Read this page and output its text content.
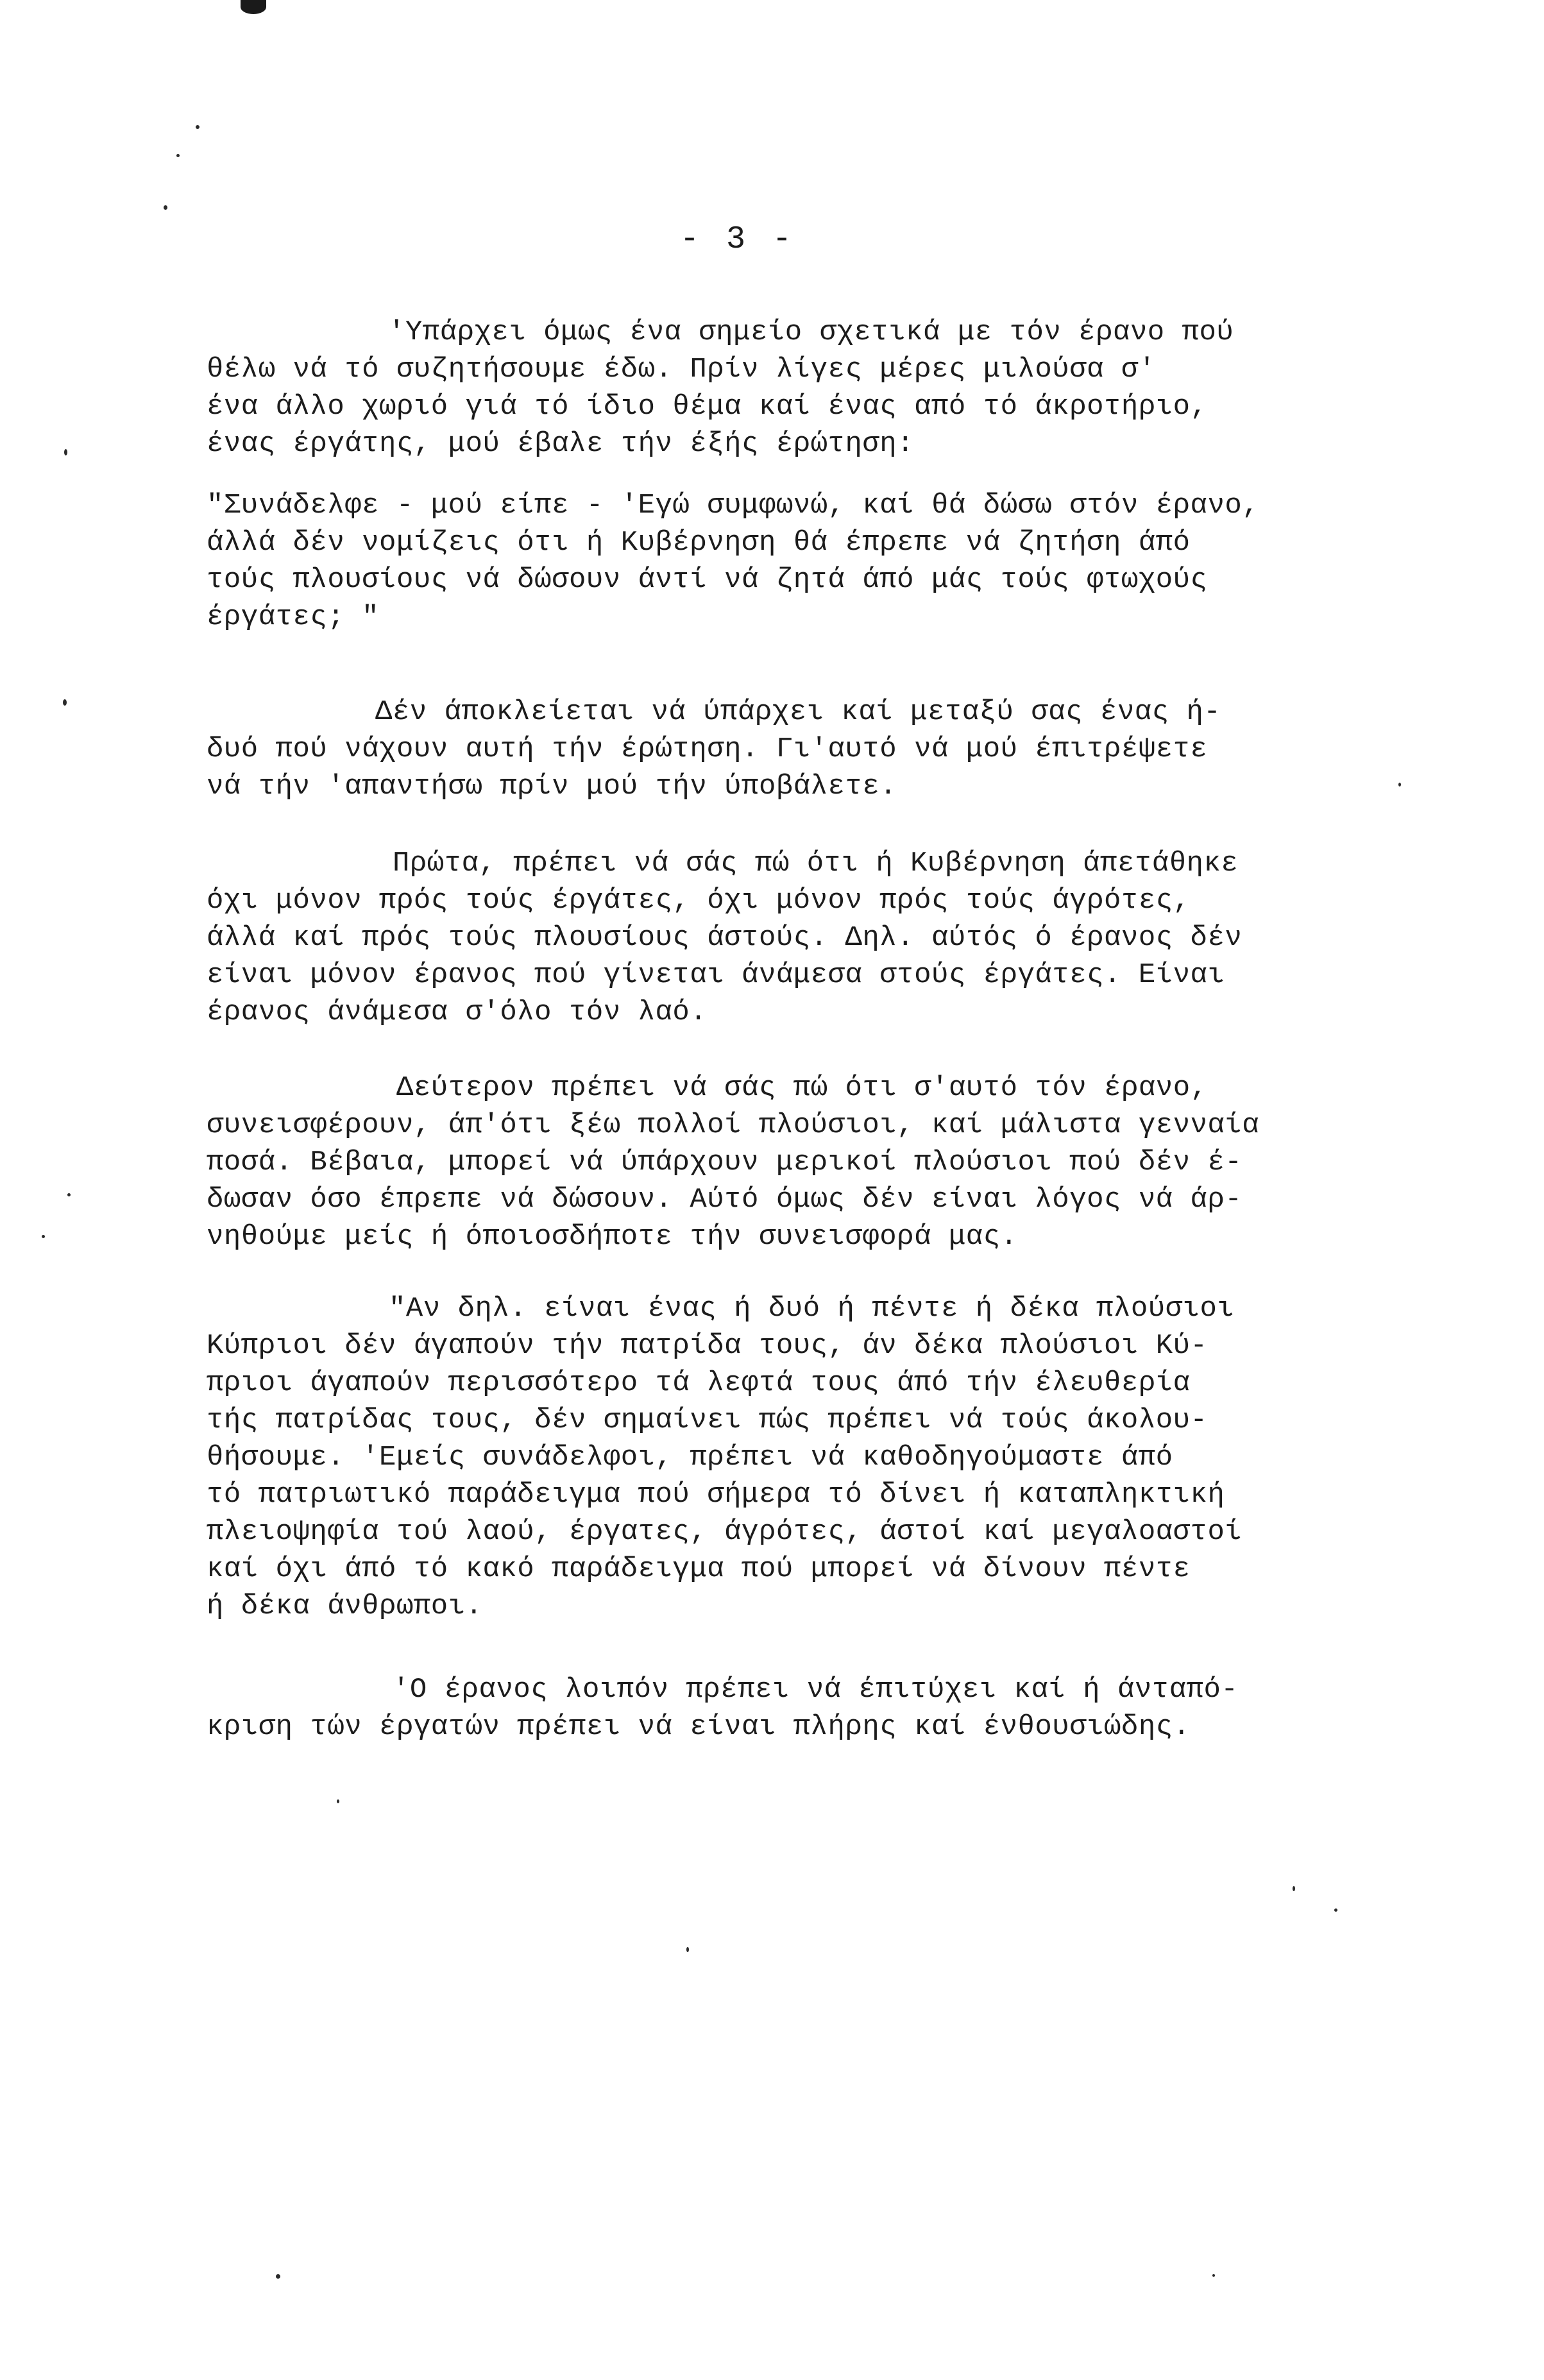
- 3 -
'Υπάρχει όμως ένα σημείο σχετικά με τόν έρανο πού
θέλω νά τό συζητήσουμε έδω. Πρίν λίγες μέρες μιλούσα σ'
ένα άλλο χωριό γιά τό ίδιο θέμα καί ένας από τό άκροτήριο,
ένας έργάτης, μού έβαλε τήν έξής έρώτηση:
"Συνάδελφε - μού είπε - 'Εγώ συμφωνώ, καί θά δώσω στόν έρανο,
άλλά δέν νομίζεις ότι ή Κυβέρνηση θά έπρεπε νά ζητήση άπό
τούς πλουσίους νά δώσουν άντί νά ζητά άπό μάς τούς φτωχούς
έργάτες; "
Δέν άποκλείεται νά ύπάρχει καί μεταξύ σας ένας ή-
δυό πού νάχουν αυτή τήν έρώτηση. Γι'αυτό νά μού έπιτρέψετε
νά τήν 'απαντήσω πρίν μού τήν ύποβάλετε.
Πρώτα, πρέπει νά σάς πώ ότι ή Κυβέρνηση άπετάθηκε
όχι μόνον πρός τούς έργάτες, όχι μόνον πρός τούς άγρότες,
άλλά καί πρός τούς πλουσίους άστούς. Δηλ. αύτός ό έρανος δέν
είναι μόνον έρανος πού γίνεται άνάμεσα στούς έργάτες. Είναι
έρανος άνάμεσα σ'όλο τόν λαό.
Δεύτερον πρέπει νά σάς πώ ότι σ'αυτό τόν έρανο,
συνεισφέρουν, άπ'ότι ξέω πολλοί πλούσιοι, καί μάλιστα γενναία
ποσά. Βέβαια, μπορεί νά ύπάρχουν μερικοί πλούσιοι πού δέν έ-
δωσαν όσο έπρεπε νά δώσουν. Αύτό όμως δέν είναι λόγος νά άρ-
νηθούμε μείς ή όποιοσδήποτε τήν συνεισφορά μας.
"Αν δηλ. είναι ένας ή δυό ή πέντε ή δέκα πλούσιοι
Κύπριοι δέν άγαπούν τήν πατρίδα τους, άν δέκα πλούσιοι Κύ-
πριοι άγαπούν περισσότερο τά λεφτά τους άπό τήν έλευθερία
τής πατρίδας τους, δέν σημαίνει πώς πρέπει νά τούς άκολου-
θήσουμε. 'Εμείς συνάδελφοι, πρέπει νά καθοδηγούμαστε άπό
τό πατριωτικό παράδειγμα πού σήμερα τό δίνει ή καταπληκτική
πλειοψηφία τού λαού, έργατες, άγρότες, άστοί καί μεγαλοαστοί
καί όχι άπό τό κακό παράδειγμα πού μπορεί νά δίνουν πέντε
ή δέκα άνθρωποι.
'Ο έρανος λοιπόν πρέπει νά έπιτύχει καί ή άνταπό-
κριση τών έργατών πρέπει νά είναι πλήρης καί ένθουσιώδης.
